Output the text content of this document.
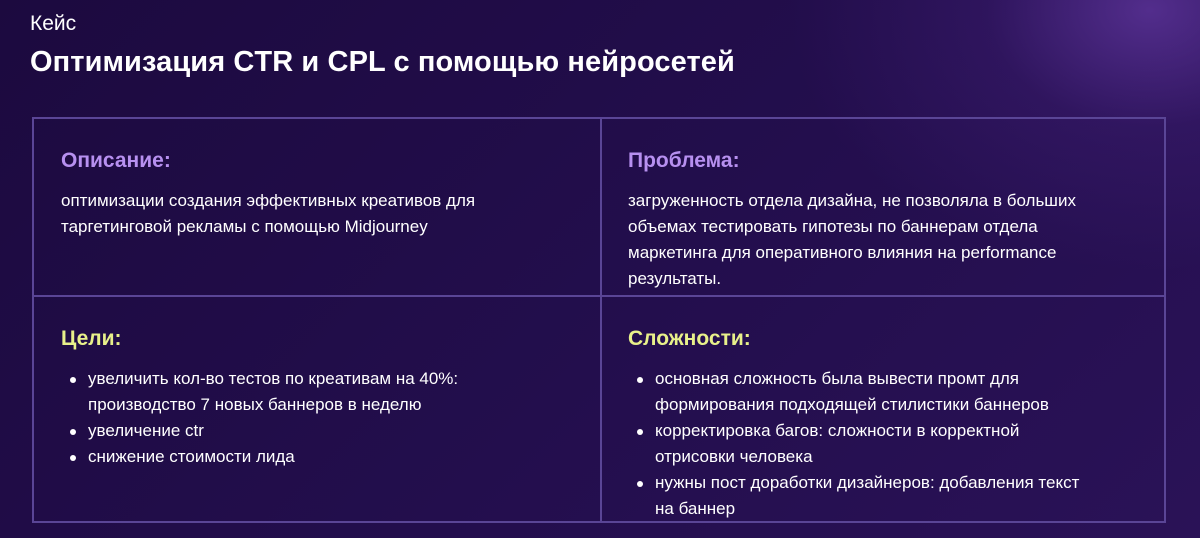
Кейс

Оптимизация CTR и CPL с помощью нейросетей
Описание:

оптимизации создания эффективных креативов для
таргетинговой рекламы с помощью Midjourney

Проблема:

загруженность отдела дизайна, не позволяла в больших
объемах тестировать гипотезы по баннерам отдела
маркетинга для оперативного влияния на performance
результаты.

Цели:
увеличить кол-во тестов по креативам на 40%:
производство 7 новых баннеров в неделю
увеличение ctr
снижение стоимости лида
Сложности:
основная сложность была вывести промт для
формирования подходящей стилистики баннеров
корректировка багов: сложности в корректной
отрисовки человека
нужны пост доработки дизайнеров: добавления текст
на баннер
